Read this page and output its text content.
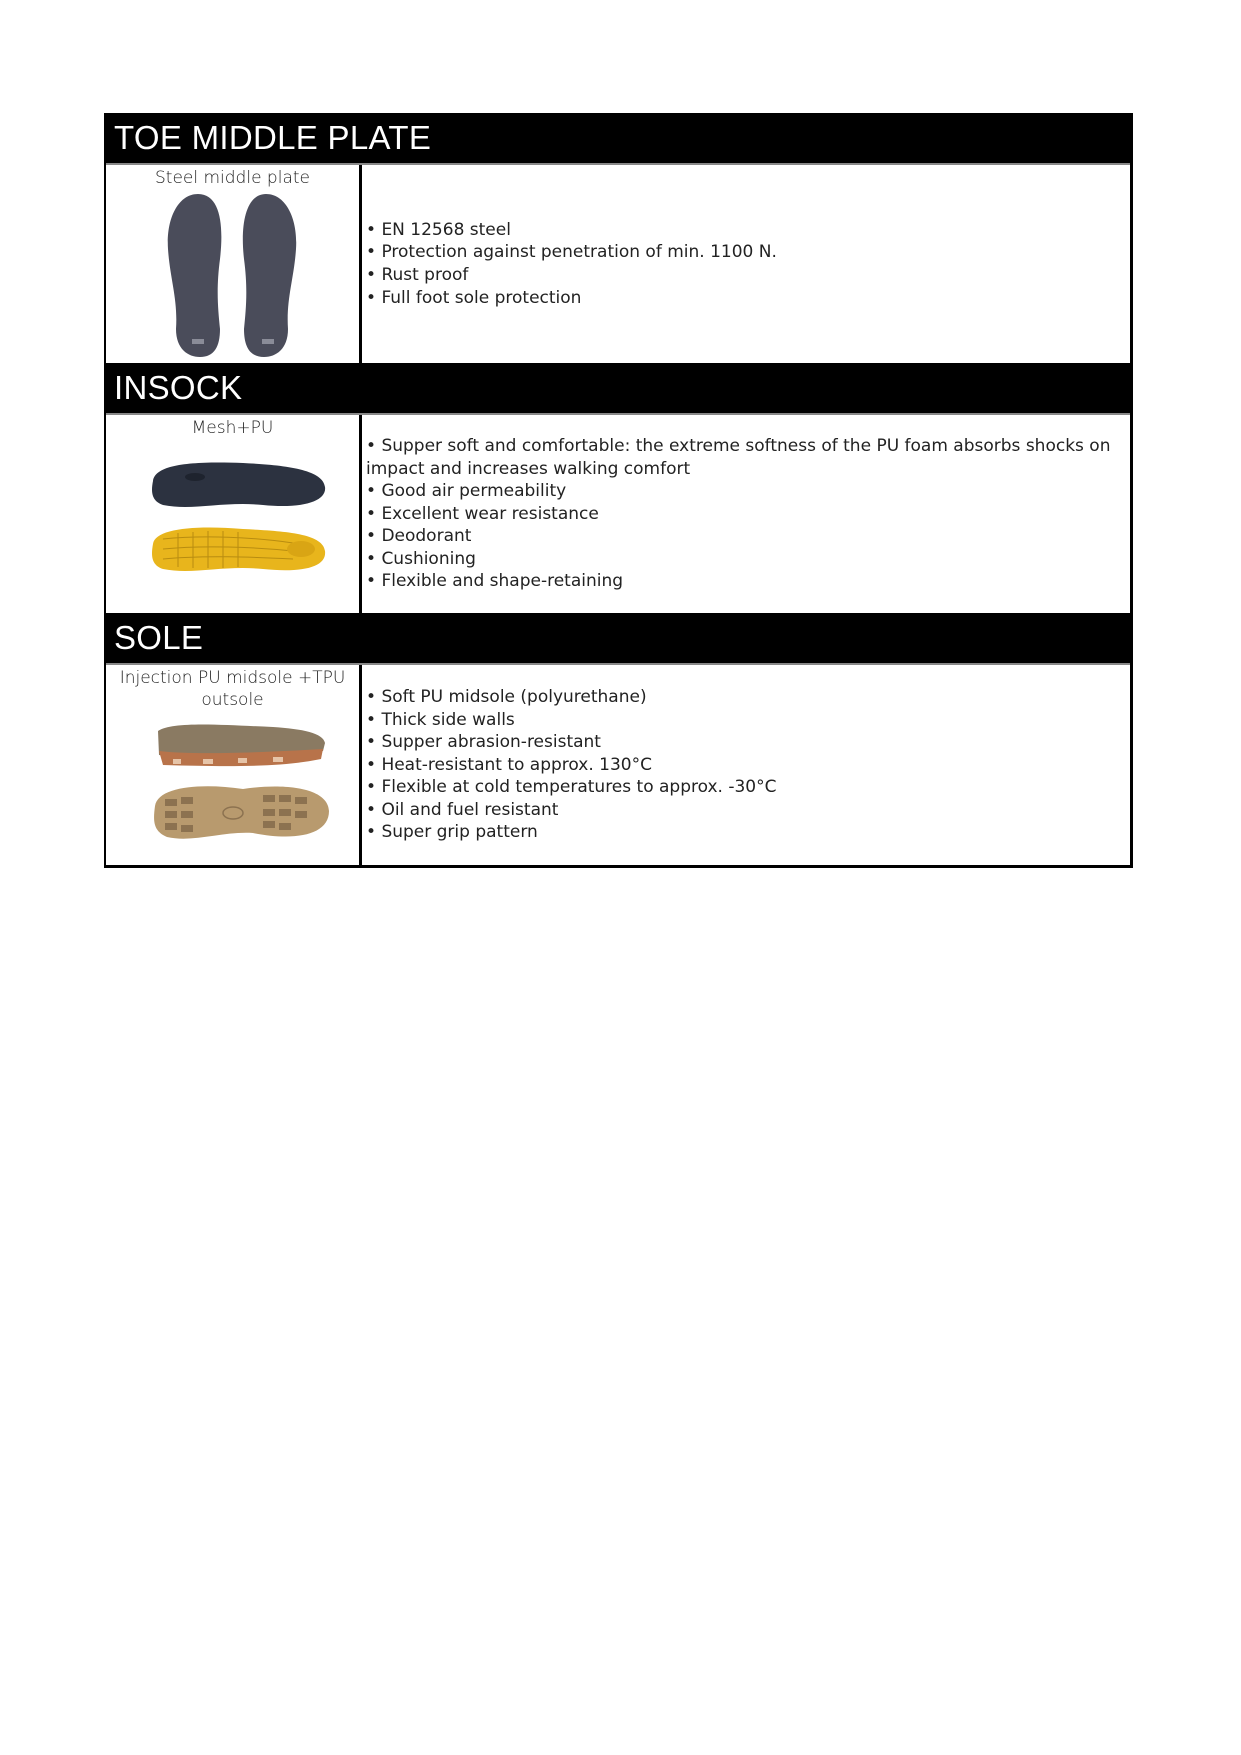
TOE MIDDLE PLATE
Steel middle plate
• EN 12568 steel
• Protection against penetration of min. 1100 N.
• Rust proof
• Full foot sole protection
INSOCK
Mesh+PU
• Supper soft and comfortable: the extreme softness of the PU foam absorbs shocks on impact and increases walking comfort
• Good air permeability
• Excellent wear resistance
• Deodorant
• Cushioning
• Flexible and shape-retaining
SOLE
Injection PU midsole +TPU outsole	• Soft PU midsole (polyurethane)
• Thick side walls
• Supper abrasion-resistant
• Heat-resistant to approx. 130°C
• Flexible at cold temperatures to approx. -30°C
• Oil and fuel resistant
• Super grip pattern
